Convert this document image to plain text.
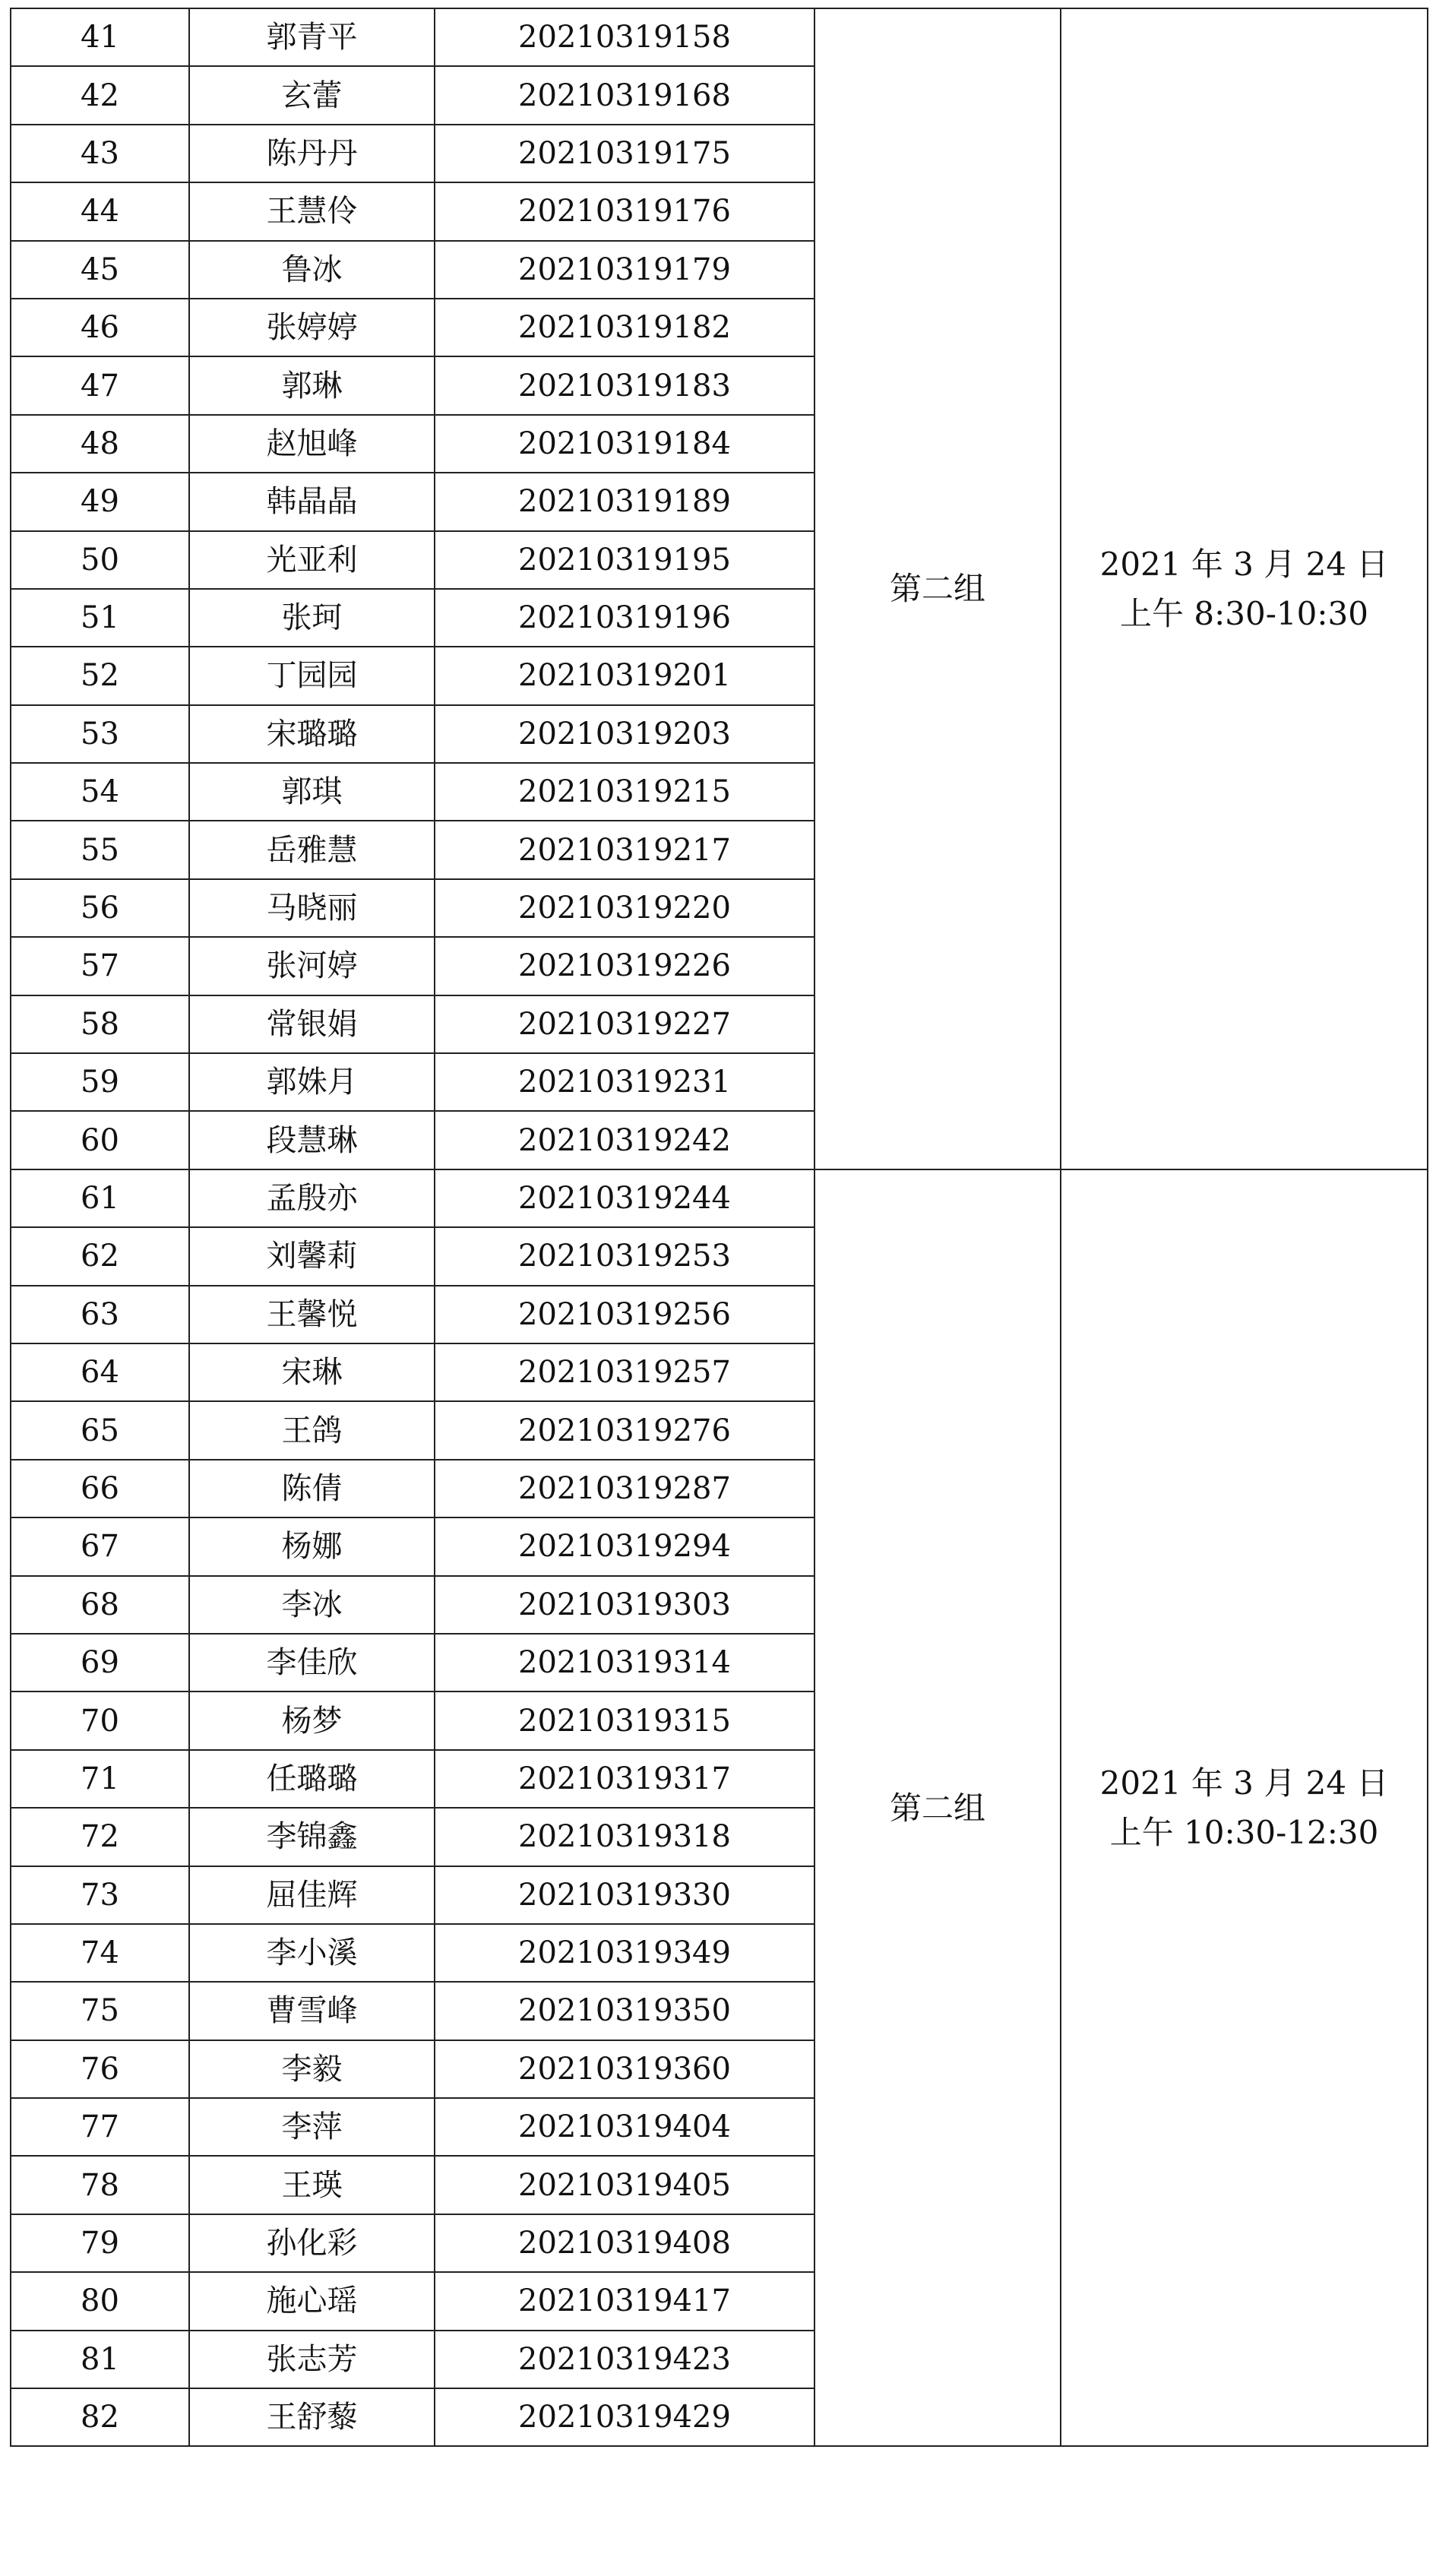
41	郭青平	20210319158	第二组	2021 年 3 月 24 日
上午 8:30-10:30

42	玄蕾	20210319168		
43	陈丹丹	20210319175		
44	王慧伶	20210319176		
45	鲁冰	20210319179		
46	张婷婷	20210319182		
47	郭琳	20210319183		
48	赵旭峰	20210319184		
49	韩晶晶	20210319189		
50	光亚利	20210319195		
51	张珂	20210319196		
52	丁园园	20210319201		
53	宋璐璐	20210319203		
54	郭琪	20210319215		
55	岳雅慧	20210319217		
56	马晓丽	20210319220		
57	张河婷	20210319226		
58	常银娟	20210319227		
59	郭姝月	20210319231		
60	段慧琳	20210319242		
61	孟殷亦	20210319244	第二组	2021 年 3 月 24 日
上午 10:30-12:30

62	刘馨莉	20210319253		
63	王馨悦	20210319256		
64	宋琳	20210319257		
65	王鸽	20210319276		
66	陈倩	20210319287		
67	杨娜	20210319294		
68	李冰	20210319303		
69	李佳欣	20210319314		
70	杨梦	20210319315		
71	任璐璐	20210319317		
72	李锦鑫	20210319318		
73	屈佳辉	20210319330		
74	李小溪	20210319349		
75	曹雪峰	20210319350		
76	李毅	20210319360		
77	李萍	20210319404		
78	王瑛	20210319405		
79	孙化彩	20210319408		
80	施心瑶	20210319417		
81	张志芳	20210319423		
82	王舒藜	20210319429		
